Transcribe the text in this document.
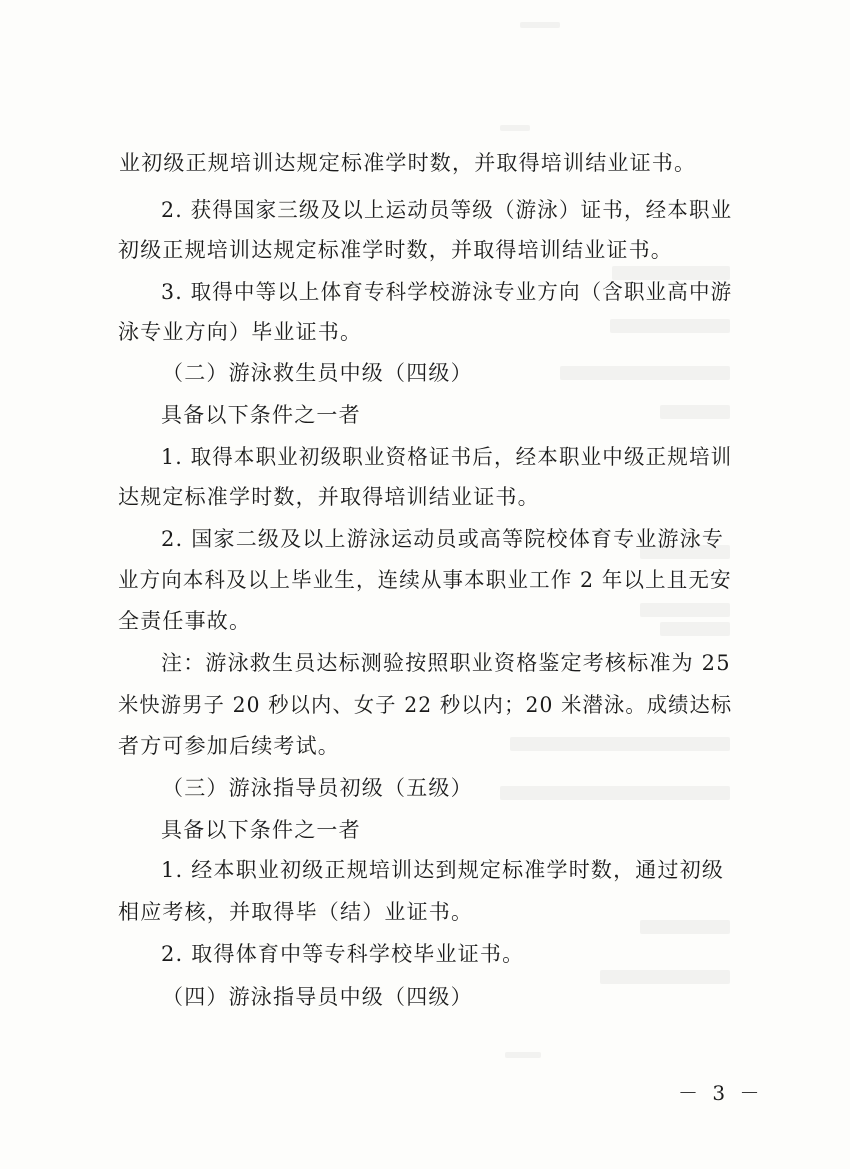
业初级正规培训达规定标准学时数，并取得培训结业证书。
2. 获得国家三级及以上运动员等级（游泳）证书，经本职业
初级正规培训达规定标准学时数，并取得培训结业证书。
3. 取得中等以上体育专科学校游泳专业方向（含职业高中游
泳专业方向）毕业证书。
（二）游泳救生员中级（四级）
具备以下条件之一者
1. 取得本职业初级职业资格证书后，经本职业中级正规培训
达规定标准学时数，并取得培训结业证书。
2. 国家二级及以上游泳运动员或高等院校体育专业游泳专
业方向本科及以上毕业生，连续从事本职业工作 2 年以上且无安
全责任事故。
注：游泳救生员达标测验按照职业资格鉴定考核标准为 25
米快游男子 20 秒以内、女子 22 秒以内；20 米潜泳。成绩达标
者方可参加后续考试。
（三）游泳指导员初级（五级）
具备以下条件之一者
1. 经本职业初级正规培训达到规定标准学时数，通过初级
相应考核，并取得毕（结）业证书。
2. 取得体育中等专科学校毕业证书。
（四）游泳指导员中级（四级）
－ 3 －
